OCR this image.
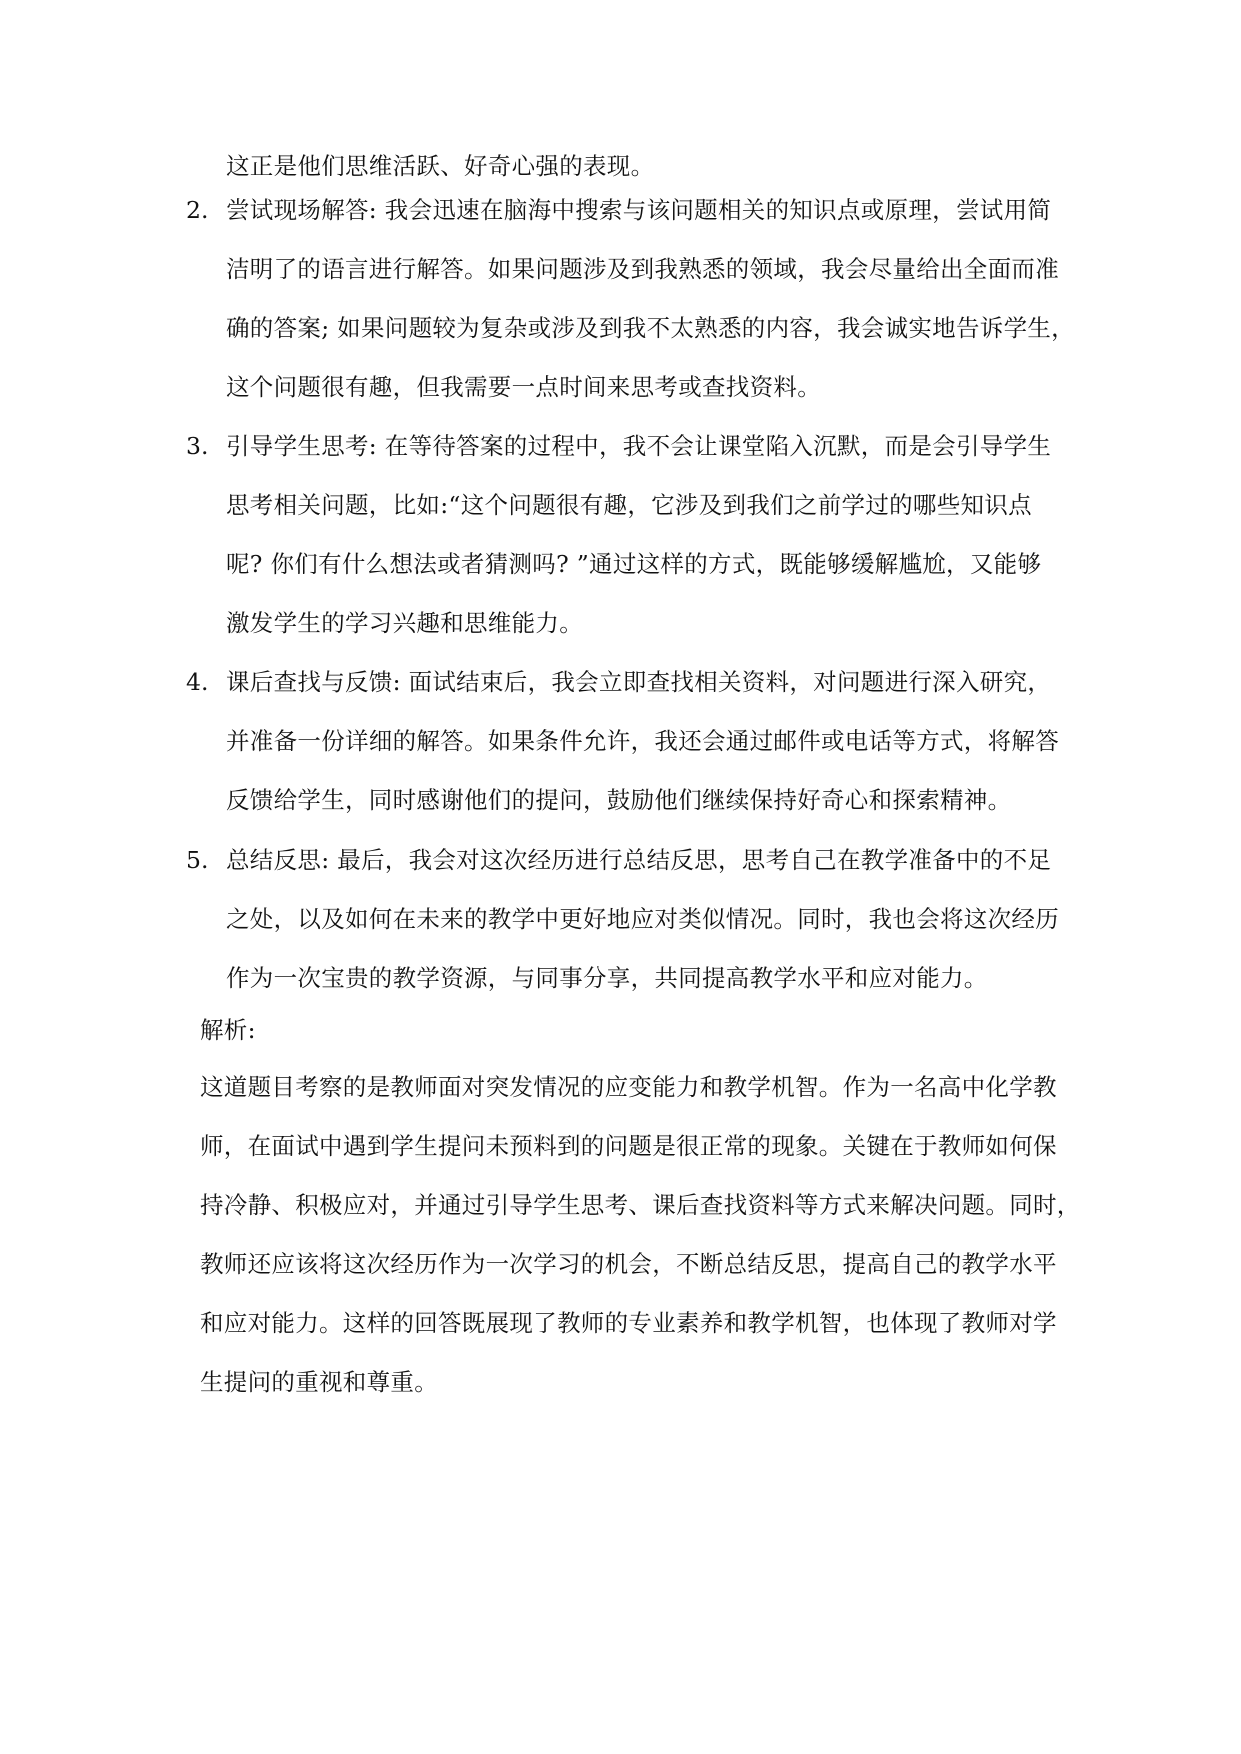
这正是他们思维活跃、好奇心强的表现。
2. 尝试现场解答: 我会迅速在脑海中搜索与该问题相关的知识点或原理，尝试用简
洁明了的语言进行解答。如果问题涉及到我熟悉的领域，我会尽量给出全面而准
确的答案; 如果问题较为复杂或涉及到我不太熟悉的内容，我会诚实地告诉学生，
这个问题很有趣，但我需要一点时间来思考或查找资料。
3. 引导学生思考: 在等待答案的过程中，我不会让课堂陷入沉默，而是会引导学生
思考相关问题，比如:“这个问题很有趣，它涉及到我们之前学过的哪些知识点
呢? 你们有什么想法或者猜测吗? ”通过这样的方式，既能够缓解尴尬，又能够
激发学生的学习兴趣和思维能力。
4. 课后查找与反馈: 面试结束后，我会立即查找相关资料，对问题进行深入研究，
并准备一份详细的解答。如果条件允许，我还会通过邮件或电话等方式，将解答
反馈给学生，同时感谢他们的提问，鼓励他们继续保持好奇心和探索精神。
5. 总结反思: 最后，我会对这次经历进行总结反思，思考自己在教学准备中的不足
之处，以及如何在未来的教学中更好地应对类似情况。同时，我也会将这次经历
作为一次宝贵的教学资源，与同事分享，共同提高教学水平和应对能力。
解析:
这道题目考察的是教师面对突发情况的应变能力和教学机智。作为一名高中化学教
师，在面试中遇到学生提问未预料到的问题是很正常的现象。关键在于教师如何保
持冷静、积极应对，并通过引导学生思考、课后查找资料等方式来解决问题。同时，
教师还应该将这次经历作为一次学习的机会，不断总结反思，提高自己的教学水平
和应对能力。这样的回答既展现了教师的专业素养和教学机智，也体现了教师对学
生提问的重视和尊重。
